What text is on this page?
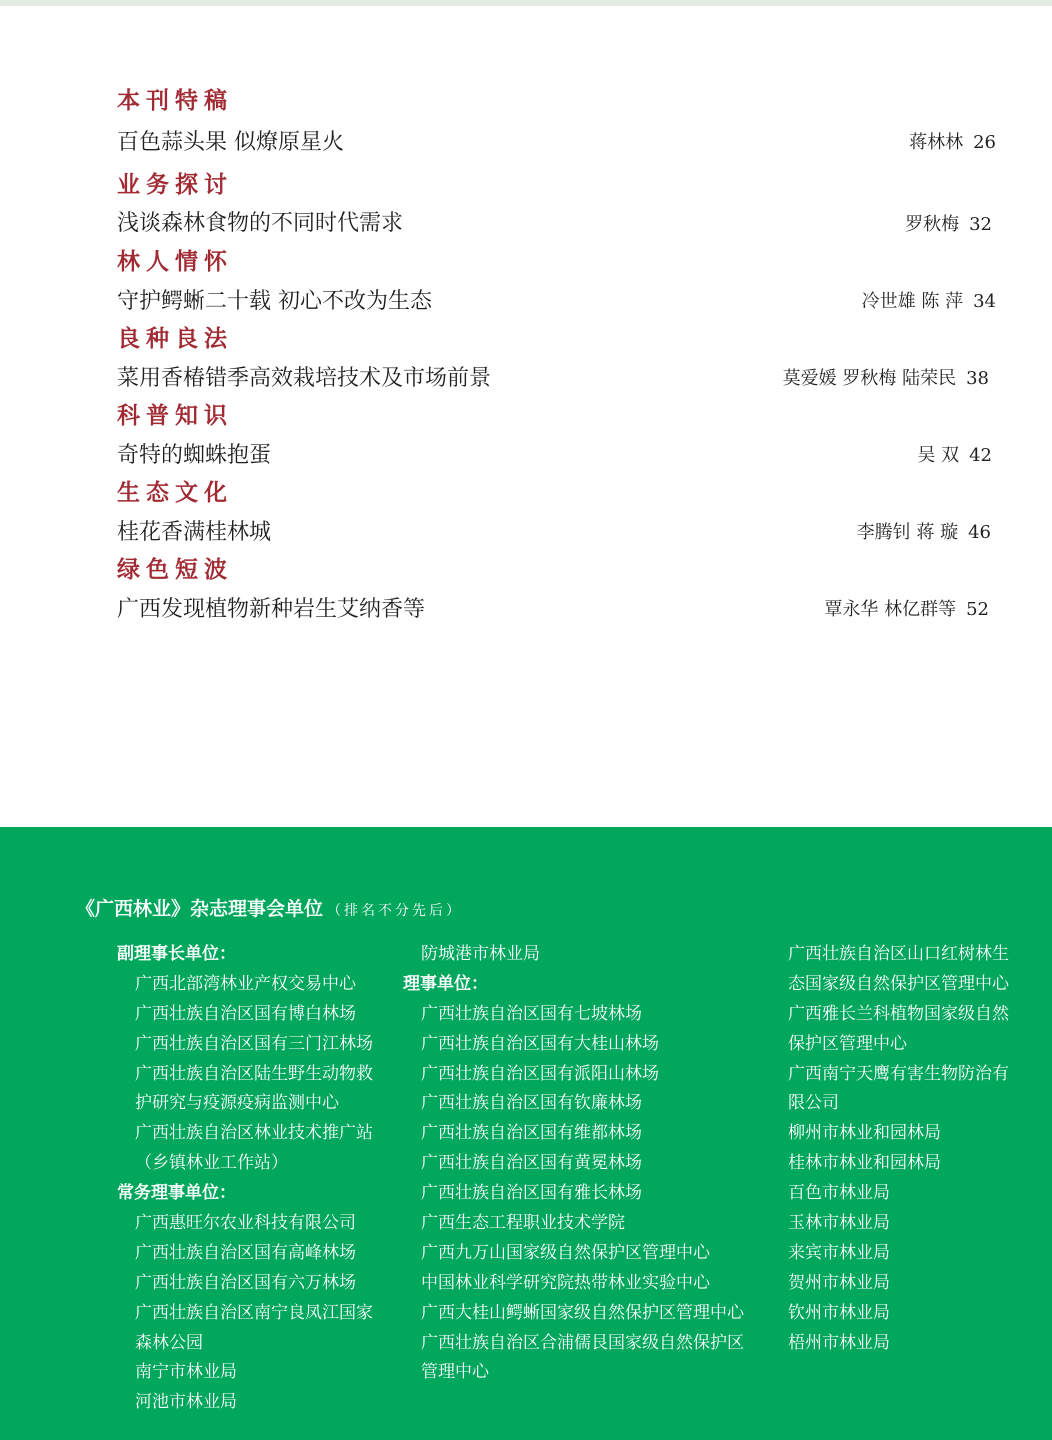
本刊特稿
百色蒜头果 似燎原星火	蒋林林 26
业务探讨
浅谈森林食物的不同时代需求	罗秋梅 32
林人情怀
守护鳄蜥二十载 初心不改为生态	冷世雄 陈 萍 34
良种良法
菜用香椿错季高效栽培技术及市场前景	莫爱媛 罗秋梅 陆荣民 38
科普知识
奇特的蜘蛛抱蛋	吴 双 42
生态文化
桂花香满桂林城	李腾钊 蒋 璇 46
绿色短波
广西发现植物新种岩生艾纳香等	覃永华 林亿群等 52
《广西林业》杂志理事会单位 （排名不分先后）
副理事长单位：
广西北部湾林业产权交易中心
广西壮族自治区国有博白林场
广西壮族自治区国有三门江林场
广西壮族自治区陆生野生动物救
护研究与疫源疫病监测中心
广西壮族自治区林业技术推广站
（乡镇林业工作站）
常务理事单位：
广西惠旺尔农业科技有限公司
广西壮族自治区国有高峰林场
广西壮族自治区国有六万林场
广西壮族自治区南宁良凤江国家
森林公园
南宁市林业局
河池市林业局
防城港市林业局
理事单位：
广西壮族自治区国有七坡林场
广西壮族自治区国有大桂山林场
广西壮族自治区国有派阳山林场
广西壮族自治区国有钦廉林场
广西壮族自治区国有维都林场
广西壮族自治区国有黄冕林场
广西壮族自治区国有雅长林场
广西生态工程职业技术学院
广西九万山国家级自然保护区管理中心
中国林业科学研究院热带林业实验中心
广西大桂山鳄蜥国家级自然保护区管理中心
广西壮族自治区合浦儒艮国家级自然保护区
管理中心
广西壮族自治区山口红树林生
态国家级自然保护区管理中心
广西雅长兰科植物国家级自然
保护区管理中心
广西南宁天鹰有害生物防治有
限公司
柳州市林业和园林局
桂林市林业和园林局
百色市林业局
玉林市林业局
来宾市林业局
贺州市林业局
钦州市林业局
梧州市林业局
